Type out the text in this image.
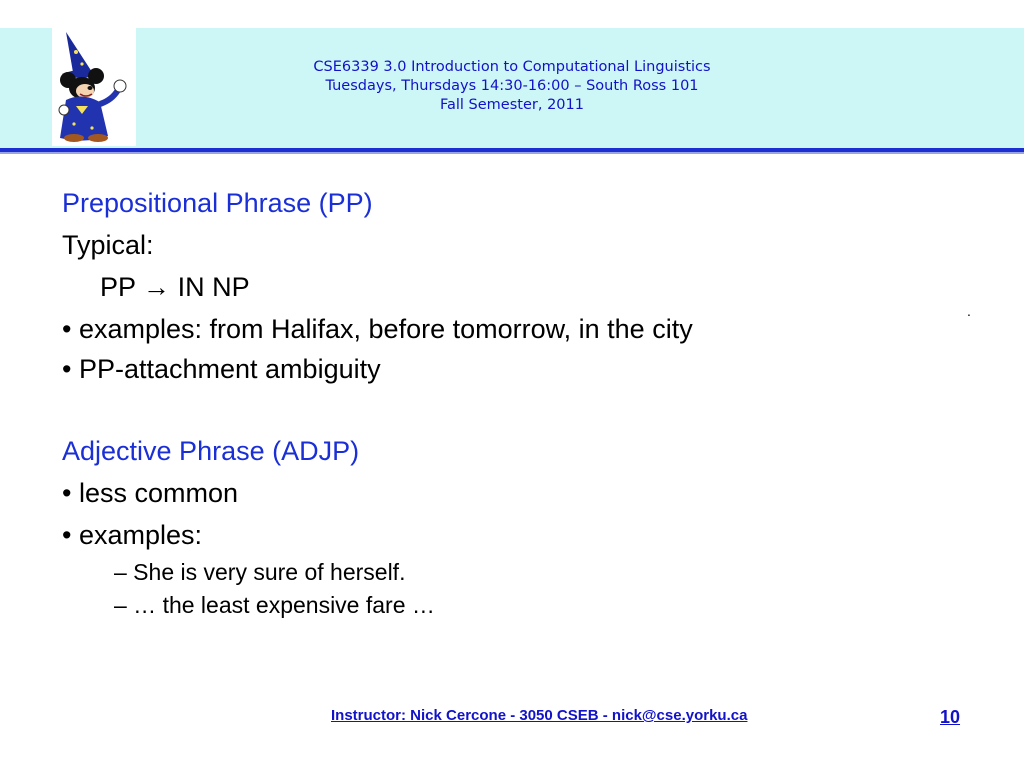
CSE6339 3.0 Introduction to Computational Linguistics
Tuesdays, Thursdays 14:30-16:00 – South Ross 101
Fall Semester, 2011
Prepositional Phrase (PP)
Typical:
PP → IN NP
• examples: from Halifax, before tomorrow, in the city
• PP-attachment ambiguity
Adjective Phrase (ADJP)
• less common
• examples:
– She is very sure of herself.
– … the least expensive fare …
.
Instructor: Nick Cercone - 3050 CSEB - nick@cse.yorku.ca	10
